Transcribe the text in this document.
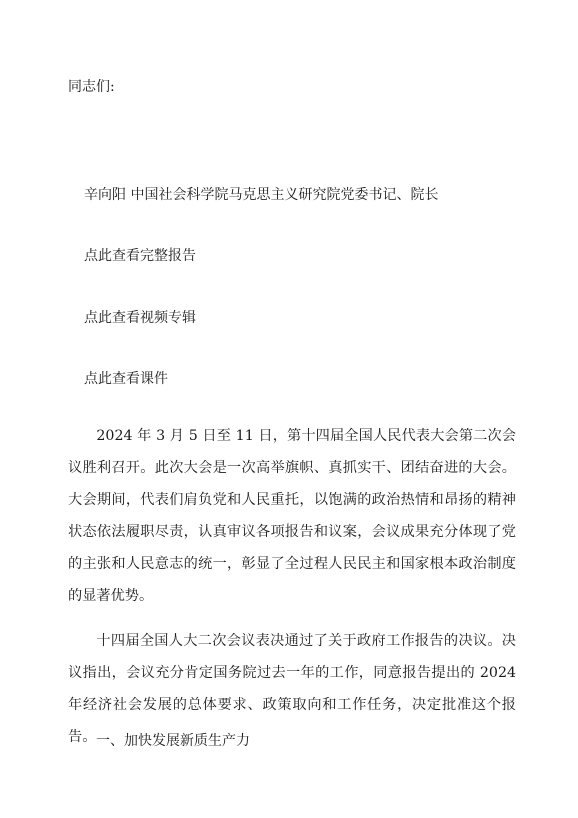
同志们:
辛向阳 中国社会科学院马克思主义研究院党委书记、院长
点此查看完整报告
点此查看视频专辑
点此查看课件

2024 年 3 月 5 日至 11 日，第十四届全国人民代表大会第二次会议胜利召开。此次大会是一次高举旗帜、真抓实干、团结奋进的大会。大会期间，代表们肩负党和人民重托，以饱满的政治热情和昂扬的精神状态依法履职尽责，认真审议各项报告和议案，会议成果充分体现了党的主张和人民意志的统一，彰显了全过程人民民主和国家根本政治制度的显著优势。

十四届全国人大二次会议表决通过了关于政府工作报告的决议。决议指出，会议充分肯定国务院过去一年的工作，同意报告提出的 2024 年经济社会发展的总体要求、政策取向和工作任务，决定批准这个报告。 一、加快发展新质生产力
